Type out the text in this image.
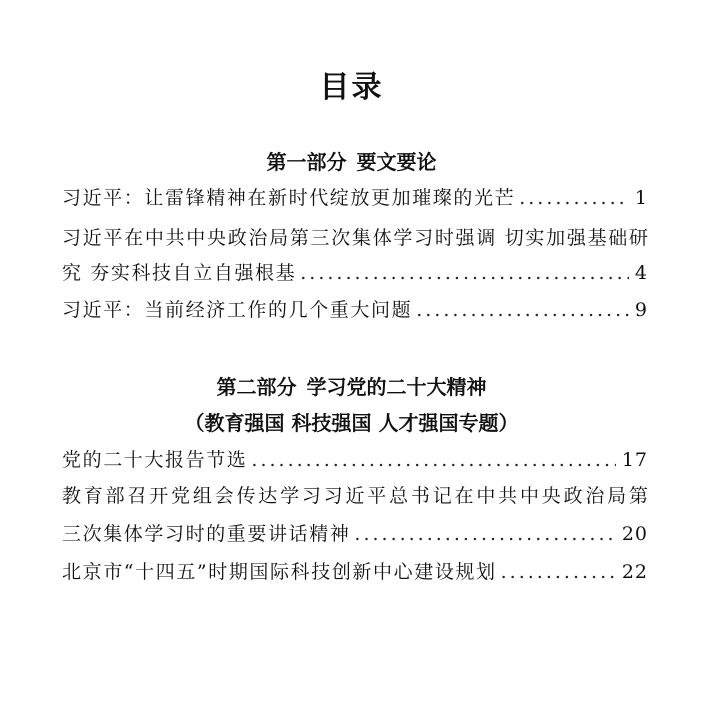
目录
第一部分 要文要论
习近平：让雷锋精神在新时代绽放更加璀璨的光芒 .....	1
习近平在中共中央政治局第三次集体学习时强调 切实加强基础研
究 夯实科技自立自强根基 .....	4
习近平：当前经济工作的几个重大问题 .....	9
第二部分 学习党的二十大精神
（教育强国 科技强国 人才强国专题）
党的二十大报告节选 .....	17
教育部召开党组会传达学习习近平总书记在中共中央政治局第
三次集体学习时的重要讲话精神 .....	20
北京市“十四五”时期国际科技创新中心建设规划 .....	22
